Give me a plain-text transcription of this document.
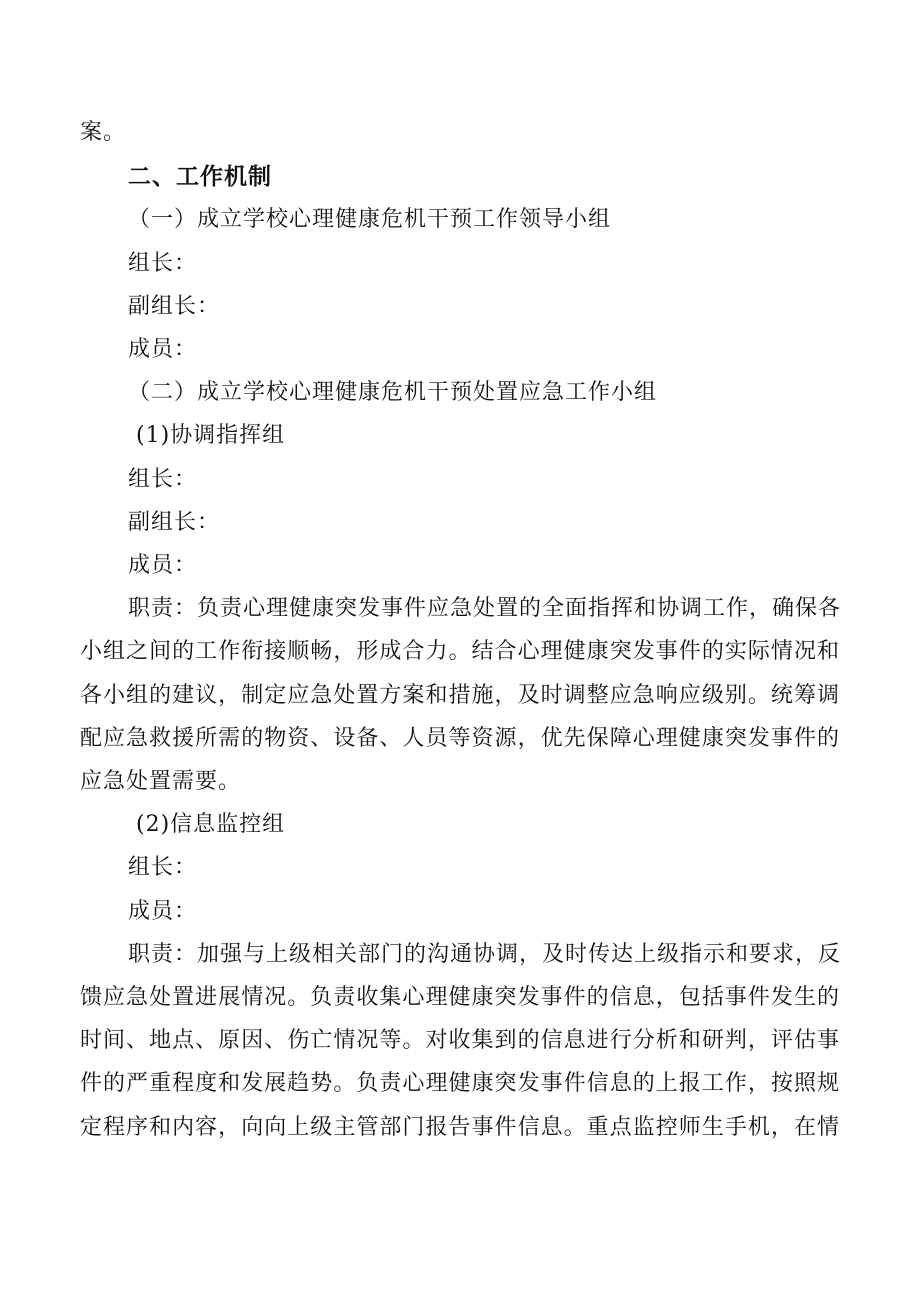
案。
二、工作机制
（一）成立学校心理健康危机干预工作领导小组
组长：
副组长：
成员：
（二）成立学校心理健康危机干预处置应急工作小组
(1)协调指挥组
组长：
副组长：
成员：
职责：负责心理健康突发事件应急处置的全面指挥和协调工作，确保各
小组之间的工作衔接顺畅，形成合力。结合心理健康突发事件的实际情况和
各小组的建议，制定应急处置方案和措施，及时调整应急响应级别。统筹调
配应急救援所需的物资、设备、人员等资源，优先保障心理健康突发事件的
应急处置需要。
(2)信息监控组
组长：
成员：
职责：加强与上级相关部门的沟通协调，及时传达上级指示和要求，反
馈应急处置进展情况。负责收集心理健康突发事件的信息，包括事件发生的
时间、地点、原因、伤亡情况等。对收集到的信息进行分析和研判，评估事
件的严重程度和发展趋势。负责心理健康突发事件信息的上报工作，按照规
定程序和内容，向向上级主管部门报告事件信息。重点监控师生手机，在情
